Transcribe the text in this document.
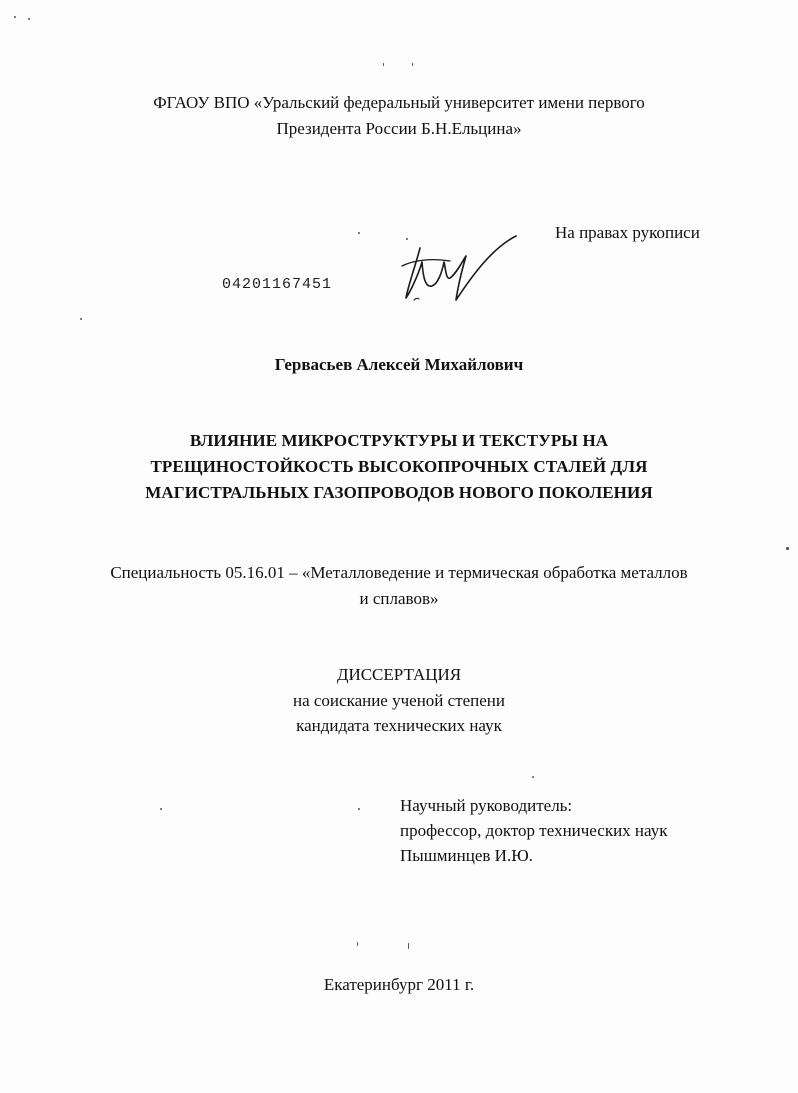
ФГАОУ ВПО «Уральский федеральный университет имени первого
Президента России Б.Н.Ельцина»
На правах рукописи
04201167451
Гервасьев Алексей Михайлович
ВЛИЯНИЕ МИКРОСТРУКТУРЫ И ТЕКСТУРЫ НА
ТРЕЩИНОСТОЙКОСТЬ ВЫСОКОПРОЧНЫХ СТАЛЕЙ ДЛЯ
МАГИСТРАЛЬНЫХ ГАЗОПРОВОДОВ НОВОГО ПОКОЛЕНИЯ
Специальность 05.16.01 – «Металловедение и термическая обработка металлов
и сплавов»
ДИССЕРТАЦИЯ
на соискание ученой степени
кандидата технических наук
Научный руководитель:
профессор, доктор технических наук
Пышминцев И.Ю.
Екатеринбург 2011 г.
